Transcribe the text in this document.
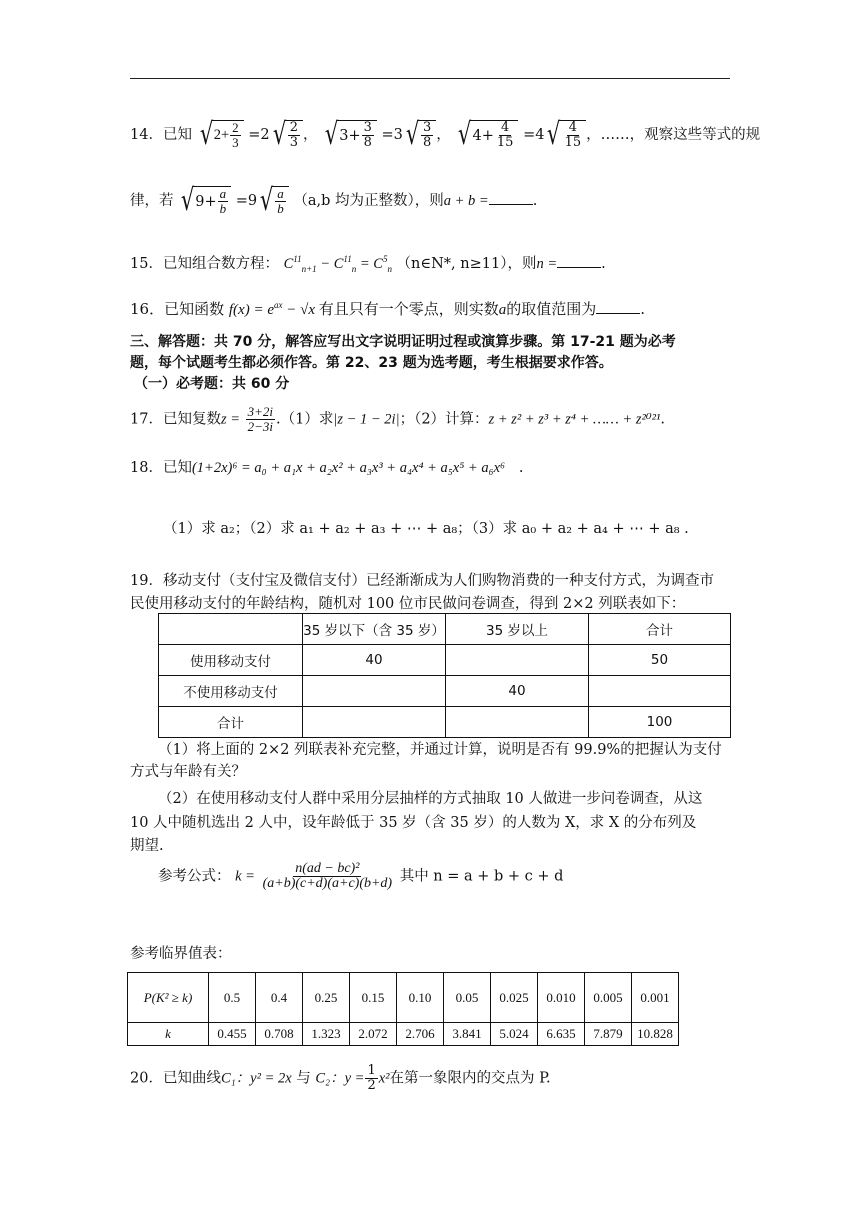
14．已知 √ $2+ \frac{2}{3} =2$ √ $\frac{2}{3}$ ， √ $3+ \frac{3}{8} =3$ √ $\frac{3}{8}$ ， √ $4+ \frac{4}{15} =4$ √ $\frac{4}{15}$ ，……，观察这些等式的规
律，若 √ $9+ \frac{a}{b} =9$ √ $\frac{a}{b} (a,b$ 均为正整数），则a + b =	.
15．已知组合数方程： $C^{11}_{n+1} - C^{11}_n = C^5_n$ （n∈N*, n≥11），则n =	.
16．已知函数 $f(x) = e^{ax} - √x$ 有且只有一个零点，则实数a的取值范围为	.
三、解答题：共 70 分，解答应写出文字说明证明过程或演算步骤。第 17-21 题为必考
题，每个试题考生都必须作答。第 22、23 题为选考题，考生根据要求作答。
（一）必考题：共 60 分
17．已知复数$z = \frac{3+2i}{2-3i} .(1)$求|z − 1 − 2i|；（2）计算：z + z² + z³ + z⁴ + …… + z²⁰²¹.
18．已知(1+2x)⁶ = a₀ + a₁x + a₂x² + a₃x³ + a₄x⁴ + a₅x⁵ + a₆x⁶ .
（1）求 a₂；（2）求 a₁ + a₂ + a₃ + ⋯ + a₈；（3）求 a₀ + a₂ + a₄ + ⋯ + a₈ .
19．移动支付（支付宝及微信支付）已经渐渐成为人们购物消费的一种支付方式，为调查市
民使用移动支付的年龄结构，随机对 100 位市民做问卷调查，得到 2×2 列联表如下：
	35 岁以下（含 35 岁）	35 岁以上	合计
使用移动支付	40		50
不使用移动支付		40	
合计			100
（1）将上面的 2×2 列联表补充完整，并通过计算，说明是否有 99.9%的把握认为支付
方式与年龄有关？
（2）在使用移动支付人群中采用分层抽样的方式抽取 10 人做进一步问卷调查，从这
10 人中随机选出 2 人中，设年龄低于 35 岁（含 35 岁）的人数为 X，求 X 的分布列及
期望.
参考公式： $k = \frac{\text{n(ad − bc)²}}{(a+b)(c+d)(a+c)(b+d)}$ 其中 n = a + b + c + d
参考临界值表：
P(K² ≥ k)	0.5	0.4	0.25	0.15	0.10	0.05	0.025	0.010	0.005	0.001
k	0.455	0.708	1.323	2.072	2.706	3.841	5.024	6.635	7.879	10.828
20．已知曲线C₁：y² = 2x 与 C₂：$y = \frac{1}{2} x^2$在第一象限内的交点为 P.
